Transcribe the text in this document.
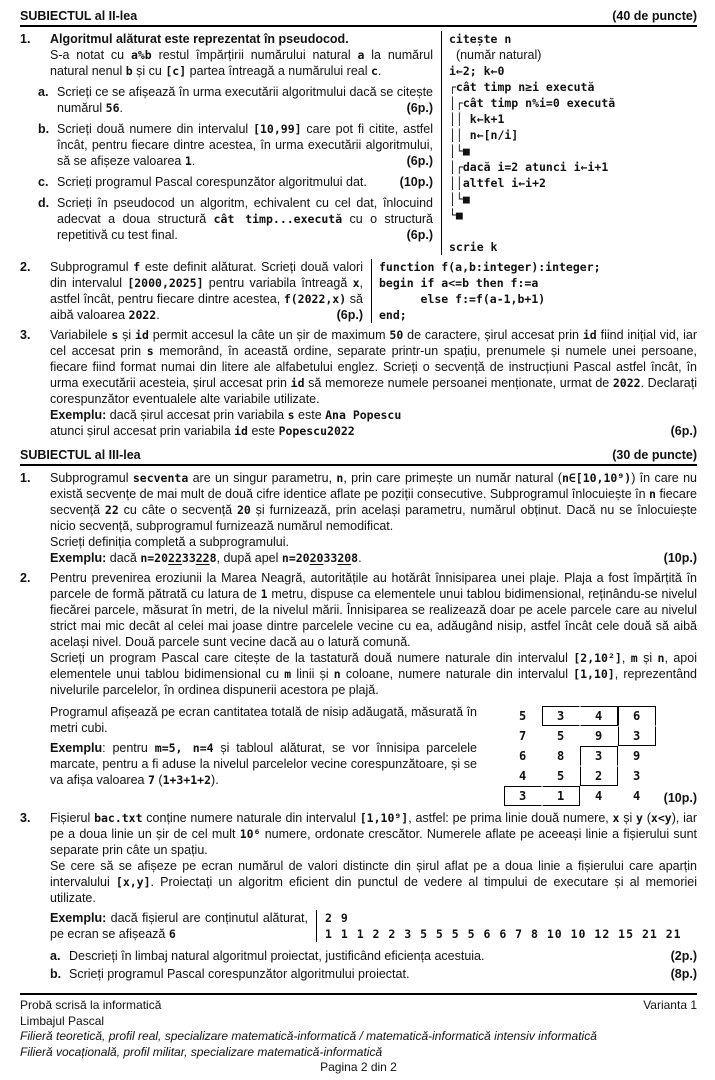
SUBIECTUL al II-lea	(40 de puncte)
1.	Algoritmul alăturat este reprezentat în pseudocod.

S-a notat cu a%b restul împărțirii numărului natural a la numărul natural nenul b și cu [c] partea întreagă a numărului real c.

a. Scrieți ce se afișează în urma executării algoritmului dacă se citește numărul 56.	(6p.)

b. Scrieți două numere din intervalul [10,99] care pot fi citite, astfel încât, pentru fiecare dintre acestea, în urma executării algoritmului, să se afișeze valoarea 1.	(6p.)

c. Scrieți programul Pascal corespunzător algoritmului dat.	(10p.)

d. Scrieți în pseudocod un algoritm, echivalent cu cel dat, înlocuind adecvat a doua structură cât timp...execută cu o structură repetitivă cu test final.	(6p.)

citește n
(număr natural)
i←2; k←0
┌cât timp n≥i execută
│┌cât timp n%i=0 execută
││ k←k+1
││ n←[n/i]
│└■
│┌dacă i=2 atunci i←i+1
││altfel i←i+2
│└■
└■

scrie k
2.	Subprogramul f este definit alăturat. Scrieți două valori din intervalul [2000,2025] pentru variabila întreagă x, astfel încât, pentru fiecare dintre acestea, f(2022,x) să aibă valoarea 2022.	(6p.)

function f(a,b:integer):integer;
begin if a<=b then f:=a
else f:=f(a-1,b+1)
end;
3.	Variabilele s și id permit accesul la câte un șir de maximum 50 de caractere, șirul accesat prin id fiind inițial vid, iar cel accesat prin s memorând, în această ordine, separate printr-un spațiu, prenumele și numele unei persoane, fiecare fiind format numai din litere ale alfabetului englez. Scrieți o secvență de instrucțiuni Pascal astfel încât, în urma executării acesteia, șirul accesat prin id să memoreze numele persoanei menționate, urmat de 2022. Declarați corespunzător eventualele alte variabile utilizate.

Exemplu: dacă șirul accesat prin variabila s este Ana Popescu

atunci șirul accesat prin variabila id este Popescu2022	(6p.)

SUBIECTUL al III-lea	(30 de puncte)
1.	Subprogramul secventa are un singur parametru, n, prin care primește un număr natural (n∈[10,10⁹)) în care nu există secvențe de mai mult de două cifre identice aflate pe poziții consecutive. Subprogramul înlocuiește în n fiecare secvență 22 cu câte o secvență 20 și furnizează, prin același parametru, numărul obținut. Dacă nu se înlocuiește nicio secvență, subprogramul furnizează numărul nemodificat.

Scrieți definiția completă a subprogramului.

Exemplu: dacă n=202233228, după apel n=202033208.	(10p.)

2.	Pentru prevenirea eroziunii la Marea Neagră, autoritățile au hotărât înnisiparea unei plaje. Plaja a fost împărțită în parcele de formă pătrată cu latura de 1 metru, dispuse ca elementele unui tablou bidimensional, reținându-se nivelul fiecărei parcele, măsurat în metri, de la nivelul mării. Înnisiparea se realizează doar pe acele parcele care au nivelul strict mai mic decât al celei mai joase dintre parcelele vecine cu ea, adăugând nisip, astfel încât cele două să aibă același nivel. Două parcele sunt vecine dacă au o latură comună.

Scrieți un program Pascal care citește de la tastatură două numere naturale din intervalul [2,10²], m și n, apoi elementele unui tablou bidimensional cu m linii și n coloane, numere naturale din intervalul [1,10], reprezentând nivelurile parcelelor, în ordinea dispunerii acestora pe plajă.

Programul afișează pe ecran cantitatea totală de nisip adăugată, măsurată în metri cubi.

Exemplu: pentru m=5, n=4 și tabloul alăturat, se vor înnisipa parcelele marcate, pentru a fi aduse la nivelul parcelelor vecine corespunzătoare, și se va afișa valoarea 7 (1+3+1+2).

5	3	4	6
7	5	9	3
6	8	3	9
4	5	2	3
3	1	4	4 (10p.)
3.	Fișierul bac.txt conține numere naturale din intervalul [1,10⁹], astfel: pe prima linie două numere, x și y (x<y), iar pe a doua linie un șir de cel mult 10⁶ numere, ordonate crescător. Numerele aflate pe aceeași linie a fișierului sunt separate prin câte un spațiu.

Se cere să se afișeze pe ecran numărul de valori distincte din șirul aflat pe a doua linie a fișierului care aparțin intervalului [x,y]. Proiectați un algoritm eficient din punctul de vedere al timpului de executare și al memoriei utilizate.

Exemplu: dacă fișierul are conținutul alăturat, pe ecran se afișează 6

2 9
1 1 1 2 2 3 5 5 5 5 6 6 7 8 10 10 12 15 21 21
a. Descrieți în limbaj natural algoritmul proiectat, justificând eficiența acestuia.	(2p.)

b. Scrieți programul Pascal corespunzător algoritmului proiectat.	(8p.)

Probă scrisă la informatică	Varianta 1
Limbajul Pascal
Filieră teoretică, profil real, specializare matematică-informatică / matematică-informatică intensiv informatică
Filieră vocațională, profil militar, specializare matematică-informatică
Pagina 2 din 2
